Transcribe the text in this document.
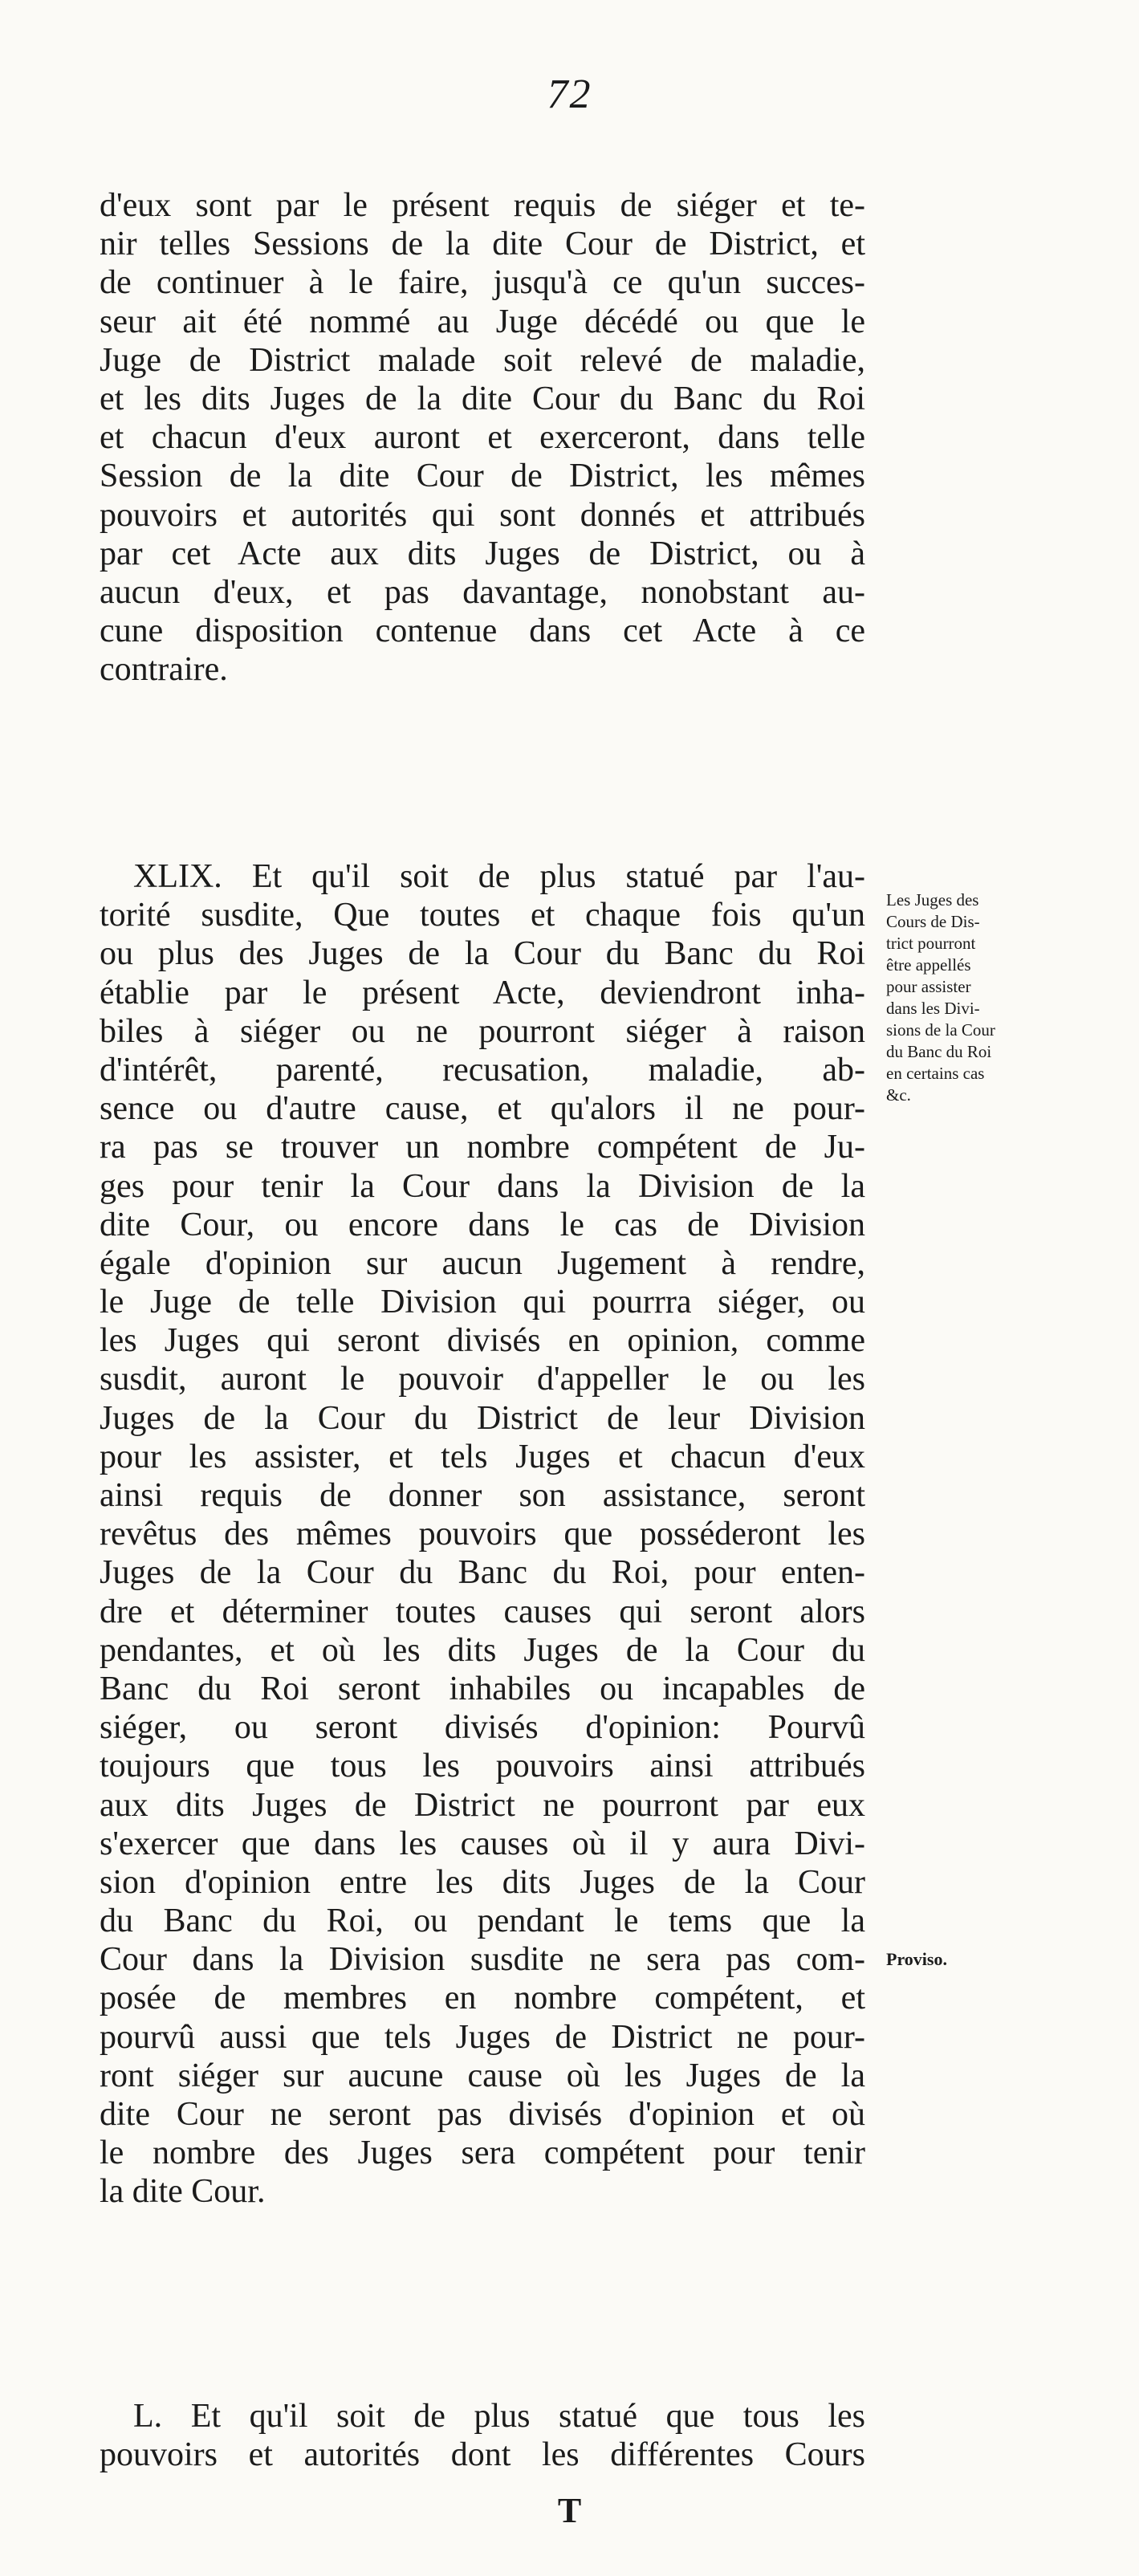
72
d'eux sont par le présent requis de siéger et te-
nir telles Sessions de la dite Cour de District, et
de continuer à le faire, jusqu'à ce qu'un succes-
seur ait été nommé au Juge décédé ou que le
Juge de District malade soit relevé de maladie,
et les dits Juges de la dite Cour du Banc du Roi
et chacun d'eux auront et exerceront, dans telle
Session de la dite Cour de District, les mêmes
pouvoirs et autorités qui sont donnés et attribués
par cet Acte aux dits Juges de District, ou à
aucun d'eux, et pas davantage, nonobstant au-
cune disposition contenue dans cet Acte à ce
contraire.
XLIX. Et qu'il soit de plus statué par l'au-
torité susdite, Que toutes et chaque fois qu'un
ou plus des Juges de la Cour du Banc du Roi
établie par le présent Acte, deviendront inha-
biles à siéger ou ne pourront siéger à raison
d'intérêt, parenté, recusation, maladie, ab-
sence ou d'autre cause, et qu'alors il ne pour-
ra pas se trouver un nombre compétent de Ju-
ges pour tenir la Cour dans la Division de la
dite Cour, ou encore dans le cas de Division
égale d'opinion sur aucun Jugement à rendre,
le Juge de telle Division qui pourrra siéger, ou
les Juges qui seront divisés en opinion, comme
susdit, auront le pouvoir d'appeller le ou les
Juges de la Cour du District de leur Division
pour les assister, et tels Juges et chacun d'eux
ainsi requis de donner son assistance, seront
revêtus des mêmes pouvoirs que posséderont les
Juges de la Cour du Banc du Roi, pour enten-
dre et déterminer toutes causes qui seront alors
pendantes, et où les dits Juges de la Cour du
Banc du Roi seront inhabiles ou incapables de
siéger, ou seront divisés d'opinion: Pourvû
toujours que tous les pouvoirs ainsi attribués
aux dits Juges de District ne pourront par eux
s'exercer que dans les causes où il y aura Divi-
sion d'opinion entre les dits Juges de la Cour
du Banc du Roi, ou pendant le tems que la
Cour dans la Division susdite ne sera pas com-
posée de membres en nombre compétent, et
pourvû aussi que tels Juges de District ne pour-
ront siéger sur aucune cause où les Juges de la
dite Cour ne seront pas divisés d'opinion et où
le nombre des Juges sera compétent pour tenir
la dite Cour.
Les Juges des
Cours de Dis-
trict pourront
être appellés
pour assister
dans les Divi-
sions de la Cour
du Banc du Roi
en certains cas
&c.
Proviso.
L. Et qu'il soit de plus statué que tous les
pouvoirs et autorités dont les différentes Cours
T
